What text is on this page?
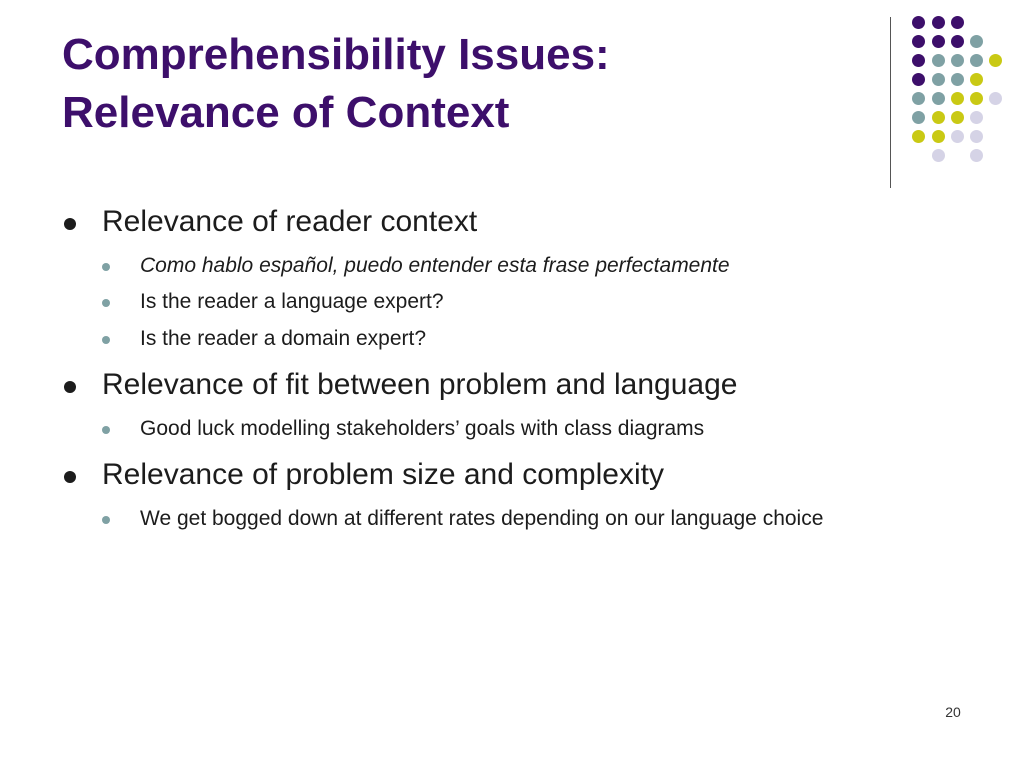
Comprehensibility Issues:
Relevance of Context
Relevance of reader context
Como hablo español, puedo entender esta frase perfectamente
Is the reader a language expert?
Is the reader a domain expert?
Relevance of fit between problem and language
Good luck modelling stakeholders’ goals with class diagrams
Relevance of problem size and complexity
We get bogged down at different rates depending on our language choice
20
